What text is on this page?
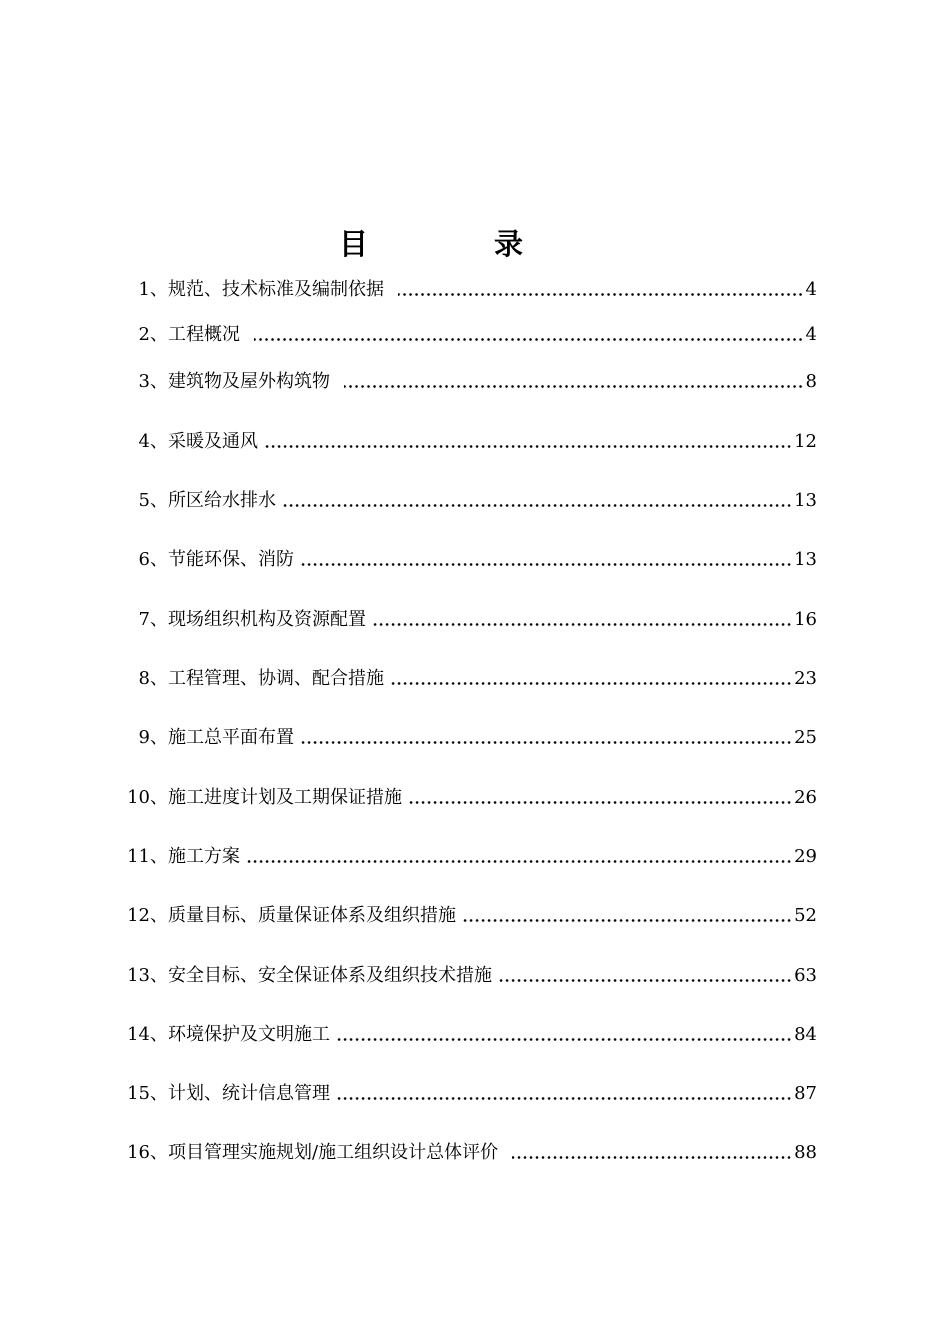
目 录
1、 规范、技术标准及编制依据	4
2、 工程概况	4
3、 建筑物及屋外构筑物	8
4、 采暖及通风	12
5、 所区给水排水	13
6、 节能环保、消防	13
7、 现场组织机构及资源配置	16
8、 工程管理、协调、配合措施	23
9、 施工总平面布置	25
10、 施工进度计划及工期保证措施	26
11、 施工方案	29
12、 质量目标、质量保证体系及组织措施	52
13、 安全目标、安全保证体系及组织技术措施	63
14、 环境保护及文明施工	84
15、 计划、统计信息管理	87
16、 项目管理实施规划/施工组织设计总体评价	88
